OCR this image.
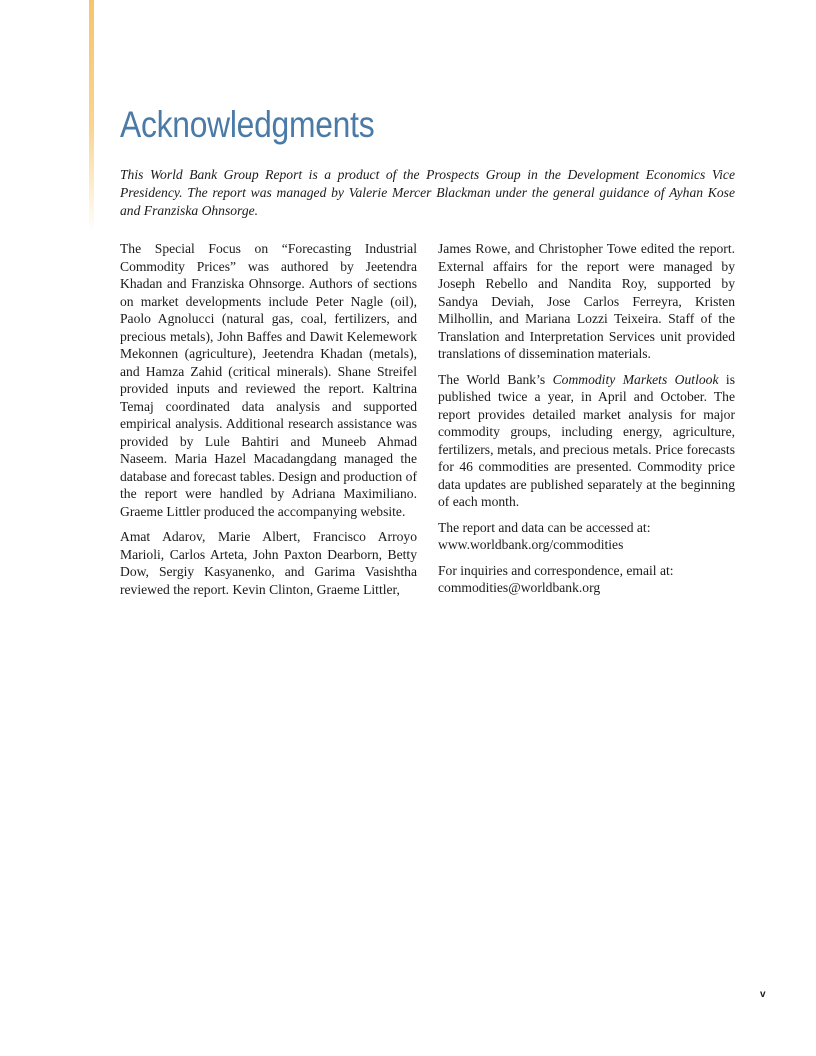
Acknowledgments

This World Bank Group Report is a product of the Prospects Group in the Development Economics Vice Presidency. The report was managed by Valerie Mercer Blackman under the general guidance of Ayhan Kose and Franziska Ohnsorge.

The Special Focus on “Forecasting Industrial Commodity Prices” was authored by Jeetendra Khadan and Franziska Ohnsorge. Authors of sections on market developments include Peter Nagle (oil), Paolo Agnolucci (natural gas, coal, fertilizers, and precious metals), John Baffes and Dawit Kelemework Mekonnen (agriculture), Jeetendra Khadan (metals), and Hamza Zahid (critical minerals). Shane Streifel provided inputs and reviewed the report. Kaltrina Temaj coordinated data analysis and supported empirical analysis. Additional research assistance was provided by Lule Bahtiri and Muneeb Ahmad Naseem. Maria Hazel Macadangdang managed the database and forecast tables. Design and production of the report were handled by Adriana Maximiliano. Graeme Littler produced the accompanying website.

Amat Adarov, Marie Albert, Francisco Arroyo Marioli, Carlos Arteta, John Paxton Dearborn, Betty Dow, Sergiy Kasyanenko, and Garima Vasishtha reviewed the report. Kevin Clinton, Graeme Littler,

James Rowe, and Christopher Towe edited the report. External affairs for the report were managed by Joseph Rebello and Nandita Roy, supported by Sandya Deviah, Jose Carlos Ferreyra, Kristen Milhollin, and Mariana Lozzi Teixeira. Staff of the Translation and Interpretation Services unit provided translations of dissemination materials.

The World Bank’s Commodity Markets Outlook is published twice a year, in April and October. The report provides detailed market analysis for major commodity groups, including energy, agriculture, fertilizers, metals, and precious metals. Price forecasts for 46 commodities are presented. Commodity price data updates are published separately at the beginning of each month.

The report and data can be accessed at:
www.worldbank.org/commodities

For inquiries and correspondence, email at:
commodities@worldbank.org

v
